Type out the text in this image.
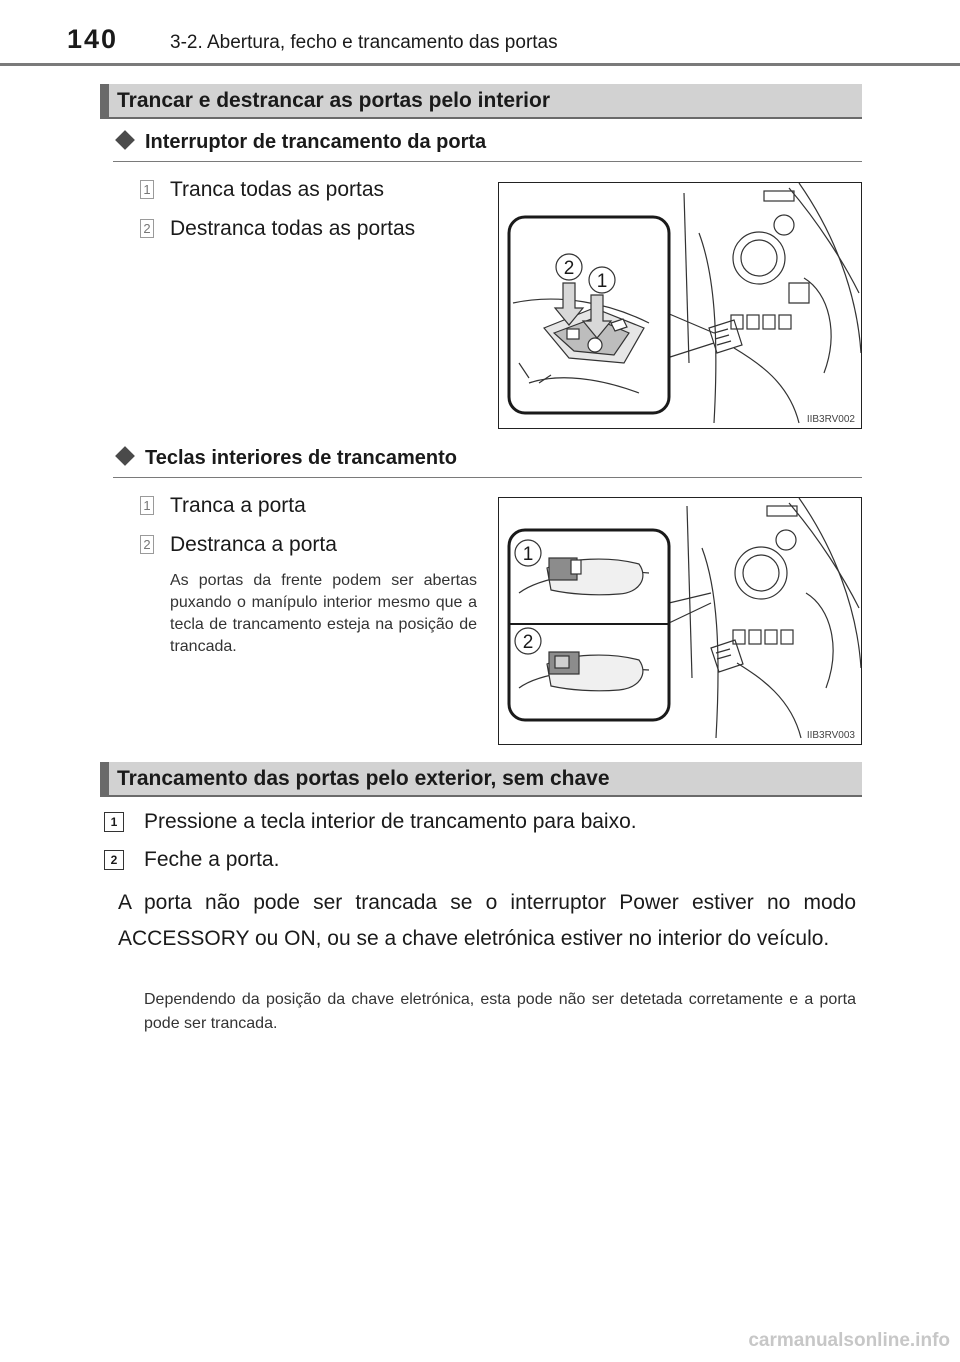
140	3-2. Abertura, fecho e trancamento das portas
Trancar e destrancar as portas pelo interior
Interruptor de trancamento da porta
1 Tranca todas as portas
2 Destranca todas as portas
2
1
IIB3RV002
Teclas interiores de trancamento
1 Tranca a porta
2 Destranca a porta
As portas da frente podem ser abertas puxando o manípulo interior mesmo que a tecla de trancamento esteja na posição de trancada.
1
2
IIB3RV003
Trancamento das portas pelo exterior, sem chave
1	Pressione a tecla interior de trancamento para baixo.
2	Feche a porta.
A porta não pode ser trancada se o interruptor Power estiver no modo ACCESSORY ou ON, ou se a chave eletrónica estiver no interior do veículo.
Dependendo da posição da chave eletrónica, esta pode não ser detetada corretamente e a porta pode ser trancada.
carmanualsonline.info
